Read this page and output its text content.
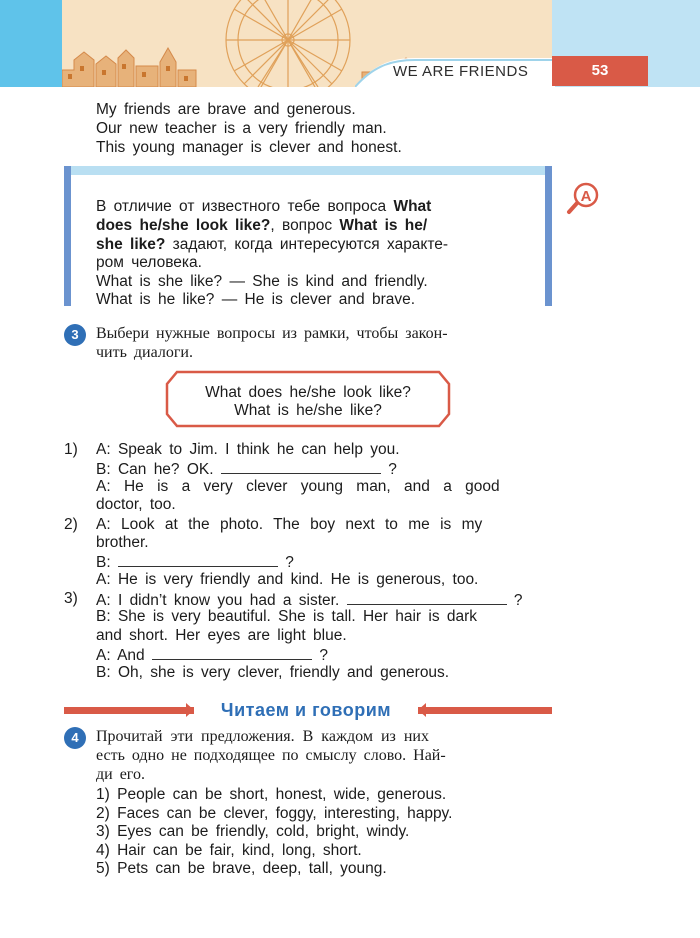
WE ARE FRIENDS	53
My friends are brave and generous.
Our new teacher is a very friendly man.
This young manager is clever and honest.
В отличие от известного тебе вопроса What
does he/she look like?, вопрос What is he/
she like? задают, когда интересуются характе-
ром человека.
What is she like? — She is kind and friendly.
What is he like? — He is clever and brave.
A
3	Выбери нужные вопросы из рамки, чтобы закон-
чить диалоги.
What does he/she look like?
What is he/she like?
1) A: Speak to Jim. I think he can help you.
B: Can he? OK.	?
A: He is a very clever young man, and a good
doctor, too.
2) A: Look at the photo. The boy next to me is my
brother.
B:	?
A: He is very friendly and kind. He is generous, too.
3) A: I didn’t know you had a sister.	?
B: She is very beautiful. She is tall. Her hair is dark
and short. Her eyes are light blue.
A: And	?
B: Oh, she is very clever, friendly and generous.
Читаем и говорим
4	Прочитай эти предложения. В каждом из них
есть одно не подходящее по смыслу слово. Най-
ди его.
1) People can be short, honest, wide, generous.
2) Faces can be clever, foggy, interesting, happy.
3) Eyes can be friendly, cold, bright, windy.
4) Hair can be fair, kind, long, short.
5) Pets can be brave, deep, tall, young.
